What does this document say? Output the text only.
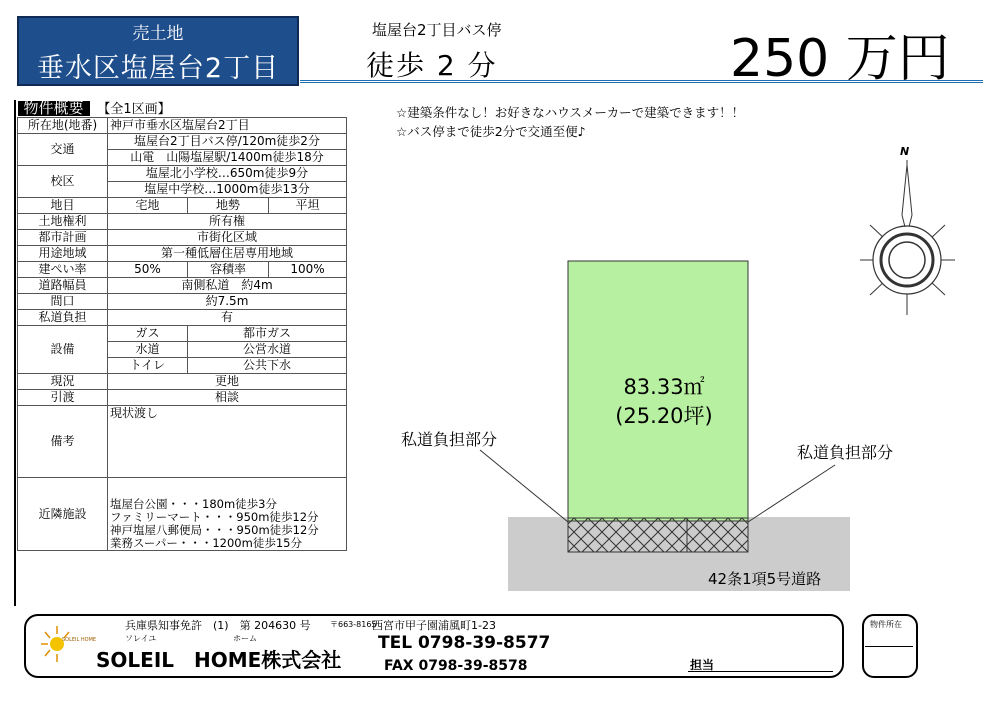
売土地
垂水区塩屋台2丁目
塩屋台2丁目バス停
徒歩 2 分	250 万円
物件概要 【全1区画】			
所在地(地番)	神戸市垂水区塩屋台2丁目		
交通	塩屋台2丁目バス停/120m徒歩2分		
	山電　山陽塩屋駅/1400m徒歩18分		
校区	塩屋北小学校…650m徒歩9分		
	塩屋中学校…1000m徒歩13分		
地目	宅地	地勢	平坦
土地権利	所有権		
都市計画	市街化区域		
用途地域	第一種低層住居専用地域		
建ぺい率	50%	容積率	100%
道路幅員	南側私道　約4m		
間口	約7.5m		
私道負担	有		
設備	ガス	都市ガス	
	水道	公営水道	
	トイレ	公共下水	
現況	更地		
引渡	相談		
備考	現状渡し		
近隣施設	塩屋台公園・・・180m徒歩3分
ファミリーマート・・・950m徒歩12分
神戸塩屋八郵便局・・・950m徒歩12分
業務スーパー・・・1200m徒歩15分		
☆建築条件なし！お好きなハウスメーカーで建築できます！！
☆バス停まで徒歩2分で交通至便♪
N
83.33㎡
(25.20坪)
私道負担部分
私道負担部分
42条1項5号道路
物件所在
SOLEIL HOME
兵庫県知事免許　(1)　第 204630 号 〒663-8165
西宮市甲子園浦風町1-23
ソレイユ	ホーム
SOLEIL　HOME株式会社
TEL 0798-39-8577
FAX 0798-39-8578	担当
